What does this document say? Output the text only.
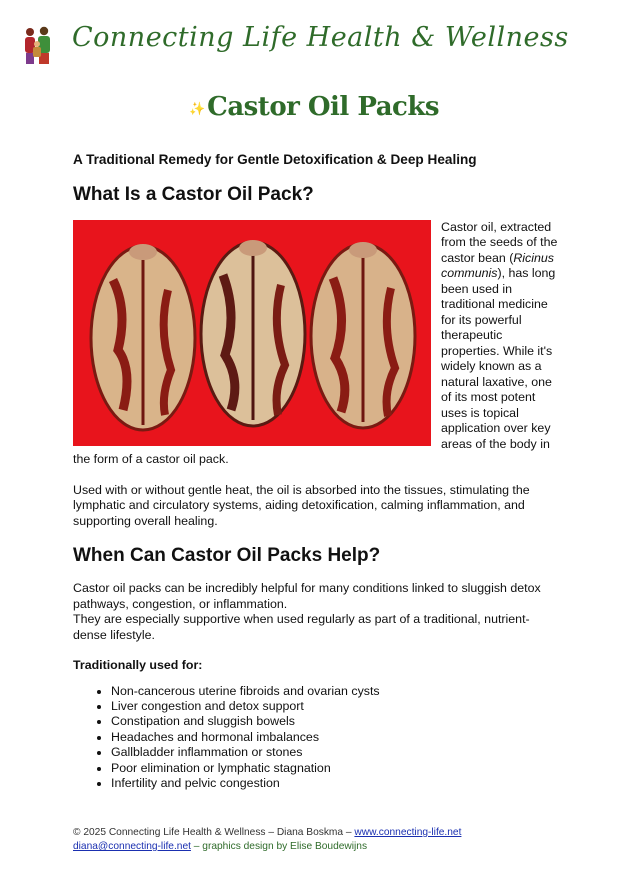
Connecting Life Health & Wellness
✨Castor Oil Packs

A Traditional Remedy for Gentle Detoxification & Deep Healing

What Is a Castor Oil Pack?

Castor oil, extracted from the seeds of the castor bean (Ricinus communis), has long been used in traditional medicine for its powerful therapeutic properties. While it's widely known as a natural laxative, one of its most potent uses is topical application over key areas of the body in the form of a castor oil pack.

Used with or without gentle heat, the oil is absorbed into the tissues, stimulating the lymphatic and circulatory systems, aiding detoxification, calming inflammation, and supporting overall healing.

When Can Castor Oil Packs Help?

Castor oil packs can be incredibly helpful for many conditions linked to sluggish detox pathways, congestion, or inflammation.

They are especially supportive when used regularly as part of a traditional, nutrient-dense lifestyle.

Traditionally used for:

• Non-cancerous uterine fibroids and ovarian cysts
• Liver congestion and detox support
• Constipation and sluggish bowels
• Headaches and hormonal imbalances
• Gallbladder inflammation or stones
• Poor elimination or lymphatic stagnation
• Infertility and pelvic congestion
© 2025 Connecting Life Health & Wellness – Diana Boskma – www.connecting-life.net
diana@connecting-life.net – graphics design by Elise Boudewijns
